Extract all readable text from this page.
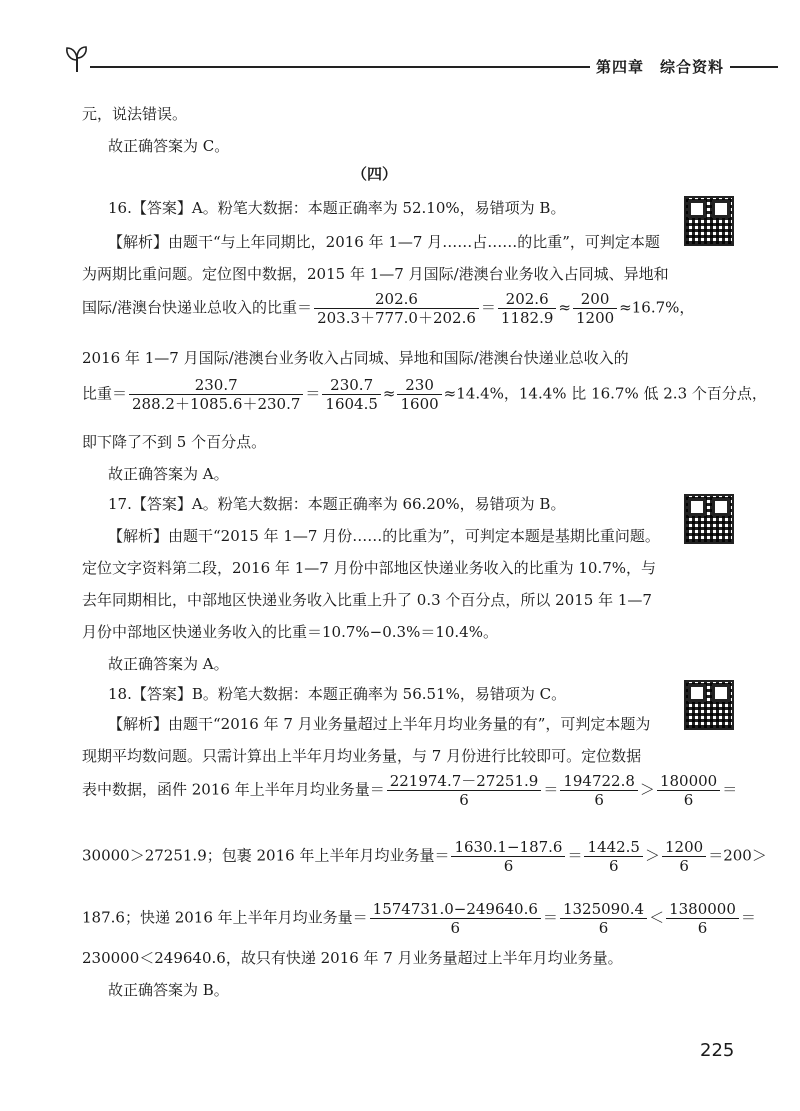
第四章　综合资料
元，说法错误。
故正确答案为 C。
（四）
16.【答案】A。粉笔大数据：本题正确率为 52.10%，易错项为 B。
【解析】由题干“与上年同期比，2016 年 1—7 月……占……的比重”，可判定本题
为两期比重问题。定位图中数据，2015 年 1—7 月国际/港澳台业务收入占同城、异地和
国际/港澳台快递业总收入的比重＝ $\frac{202.6}{203.3+777.0+202.6} = \frac{202.6}{1182.9} \approx \frac{200}{1200} \approx 16.7\%$，
2016 年 1—7 月国际/港澳台业务收入占同城、异地和国际/港澳台快递业总收入的
比重＝ $\frac{230.7}{288.2+1085.6+230.7} = \frac{230.7}{1604.5} \approx \frac{230}{1600} \approx 14.4\%$，14.4% 比 16.7% 低 2.3 个百分点，
即下降了不到 5 个百分点。
故正确答案为 A。
17.【答案】A。粉笔大数据：本题正确率为 66.20%，易错项为 B。
【解析】由题干“2015 年 1—7 月份……的比重为”，可判定本题是基期比重问题。
定位文字资料第二段，2016 年 1—7 月份中部地区快递业务收入的比重为 10.7%，与
去年同期相比，中部地区快递业务收入比重上升了 0.3 个百分点，所以 2015 年 1—7
月份中部地区快递业务收入的比重＝10.7%−0.3%＝10.4%。
故正确答案为 A。
18.【答案】B。粉笔大数据：本题正确率为 56.51%，易错项为 C。
【解析】由题干“2016 年 7 月业务量超过上半年月均业务量的有”，可判定本题为
现期平均数问题。只需计算出上半年月均业务量，与 7 月份进行比较即可。定位数据
表中数据，函件 2016 年上半年月均业务量＝ $\frac{221974.7-27251.9}{6} = \frac{194722.8}{6} > \frac{180000}{6}$ ＝
30000＞27251.9；包裹 2016 年上半年月均业务量＝ $\frac{1630.1-187.6}{6} = \frac{1442.5}{6} > \frac{1200}{6} =200>$
187.6；快递 2016 年上半年月均业务量＝ $\frac{1574731.0-249640.6}{6} = \frac{1325090.4}{6} < \frac{1380000}{6}$ ＝
230000＜249640.6，故只有快递 2016 年 7 月业务量超过上半年月均业务量。
故正确答案为 B。
225
